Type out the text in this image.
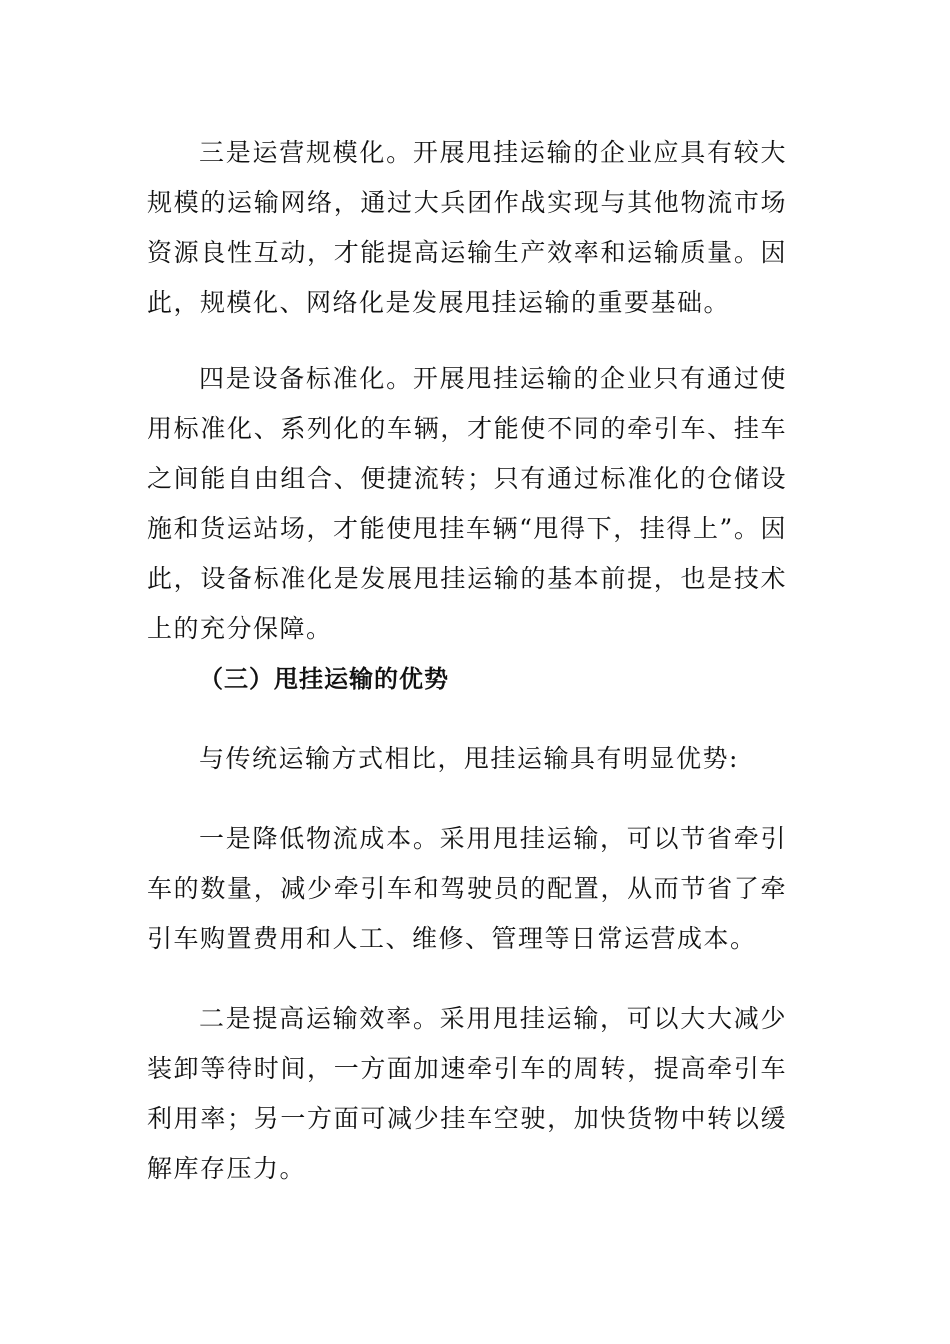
三是运营规模化。开展甩挂运输的企业应具有较大规模的运输网络，通过大兵团作战实现与其他物流市场资源良性互动，才能提高运输生产效率和运输质量。因此，规模化、网络化是发展甩挂运输的重要基础。

四是设备标准化。开展甩挂运输的企业只有通过使用标准化、系列化的车辆，才能使不同的牵引车、挂车之间能自由组合、便捷流转；只有通过标准化的仓储设施和货运站场，才能使甩挂车辆“甩得下，挂得上”。因此，设备标准化是发展甩挂运输的基本前提，也是技术上的充分保障。

（三）甩挂运输的优势

与传统运输方式相比，甩挂运输具有明显优势:

一是降低物流成本。采用甩挂运输，可以节省牵引车的数量，减少牵引车和驾驶员的配置，从而节省了牵引车购置费用和人工、维修、管理等日常运营成本。

二是提高运输效率。采用甩挂运输，可以大大减少装卸等待时间，一方面加速牵引车的周转，提高牵引车利用率；另一方面可减少挂车空驶，加快货物中转以缓解库存压力。
